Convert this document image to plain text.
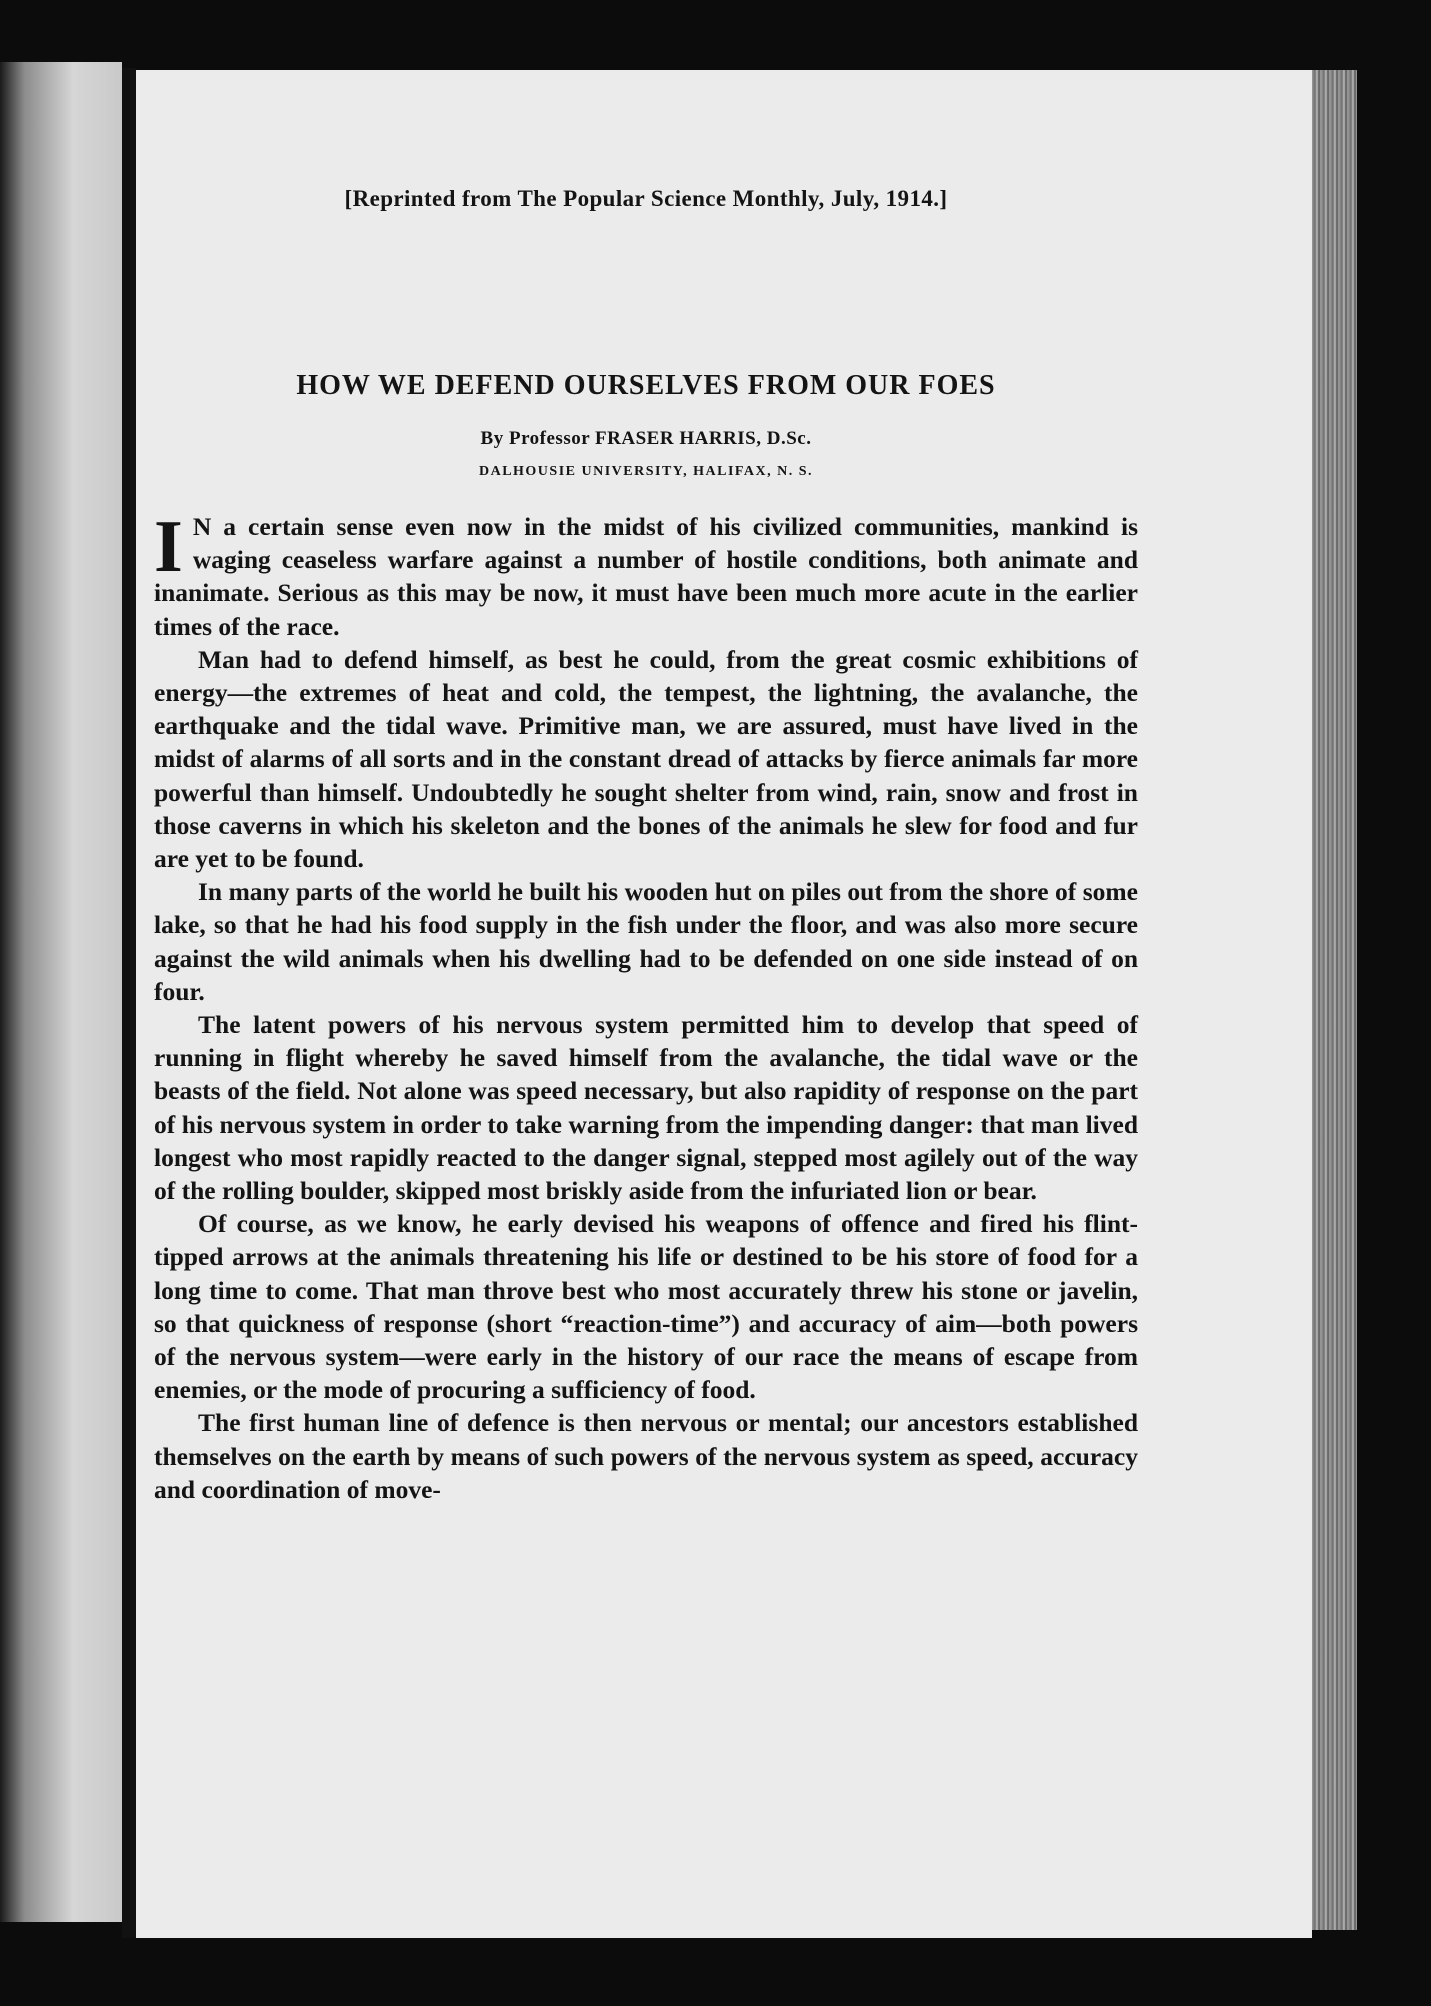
[Reprinted from The Popular Science Monthly, July, 1914.]
HOW WE DEFEND OURSELVES FROM OUR FOES
By Professor FRASER HARRIS, D.Sc.
DALHOUSIE UNIVERSITY, HALIFAX, N. S.

I N a certain sense even now in the midst of his civilized communities, mankind is waging ceaseless warfare against a number of hostile conditions, both animate and inanimate. Serious as this may be now, it must have been much more acute in the earlier times of the race.

Man had to defend himself, as best he could, from the great cosmic exhibitions of energy—the extremes of heat and cold, the tempest, the lightning, the avalanche, the earthquake and the tidal wave. Primitive man, we are assured, must have lived in the midst of alarms of all sorts and in the constant dread of attacks by fierce animals far more powerful than himself. Undoubtedly he sought shelter from wind, rain, snow and frost in those caverns in which his skeleton and the bones of the animals he slew for food and fur are yet to be found.

In many parts of the world he built his wooden hut on piles out from the shore of some lake, so that he had his food supply in the fish under the floor, and was also more secure against the wild animals when his dwelling had to be defended on one side instead of on four.

The latent powers of his nervous system permitted him to develop that speed of running in flight whereby he saved himself from the avalanche, the tidal wave or the beasts of the field. Not alone was speed necessary, but also rapidity of response on the part of his nervous system in order to take warning from the impending danger: that man lived longest who most rapidly reacted to the danger signal, stepped most agilely out of the way of the rolling boulder, skipped most briskly aside from the infuriated lion or bear.

Of course, as we know, he early devised his weapons of offence and fired his flint-tipped arrows at the animals threatening his life or destined to be his store of food for a long time to come. That man throve best who most accurately threw his stone or javelin, so that quickness of response (short “reaction-time”) and accuracy of aim—both powers of the nervous system—were early in the history of our race the means of escape from enemies, or the mode of procuring a sufficiency of food.

The first human line of defence is then nervous or mental; our ancestors established themselves on the earth by means of such powers of the nervous system as speed, accuracy and coordination of move-
